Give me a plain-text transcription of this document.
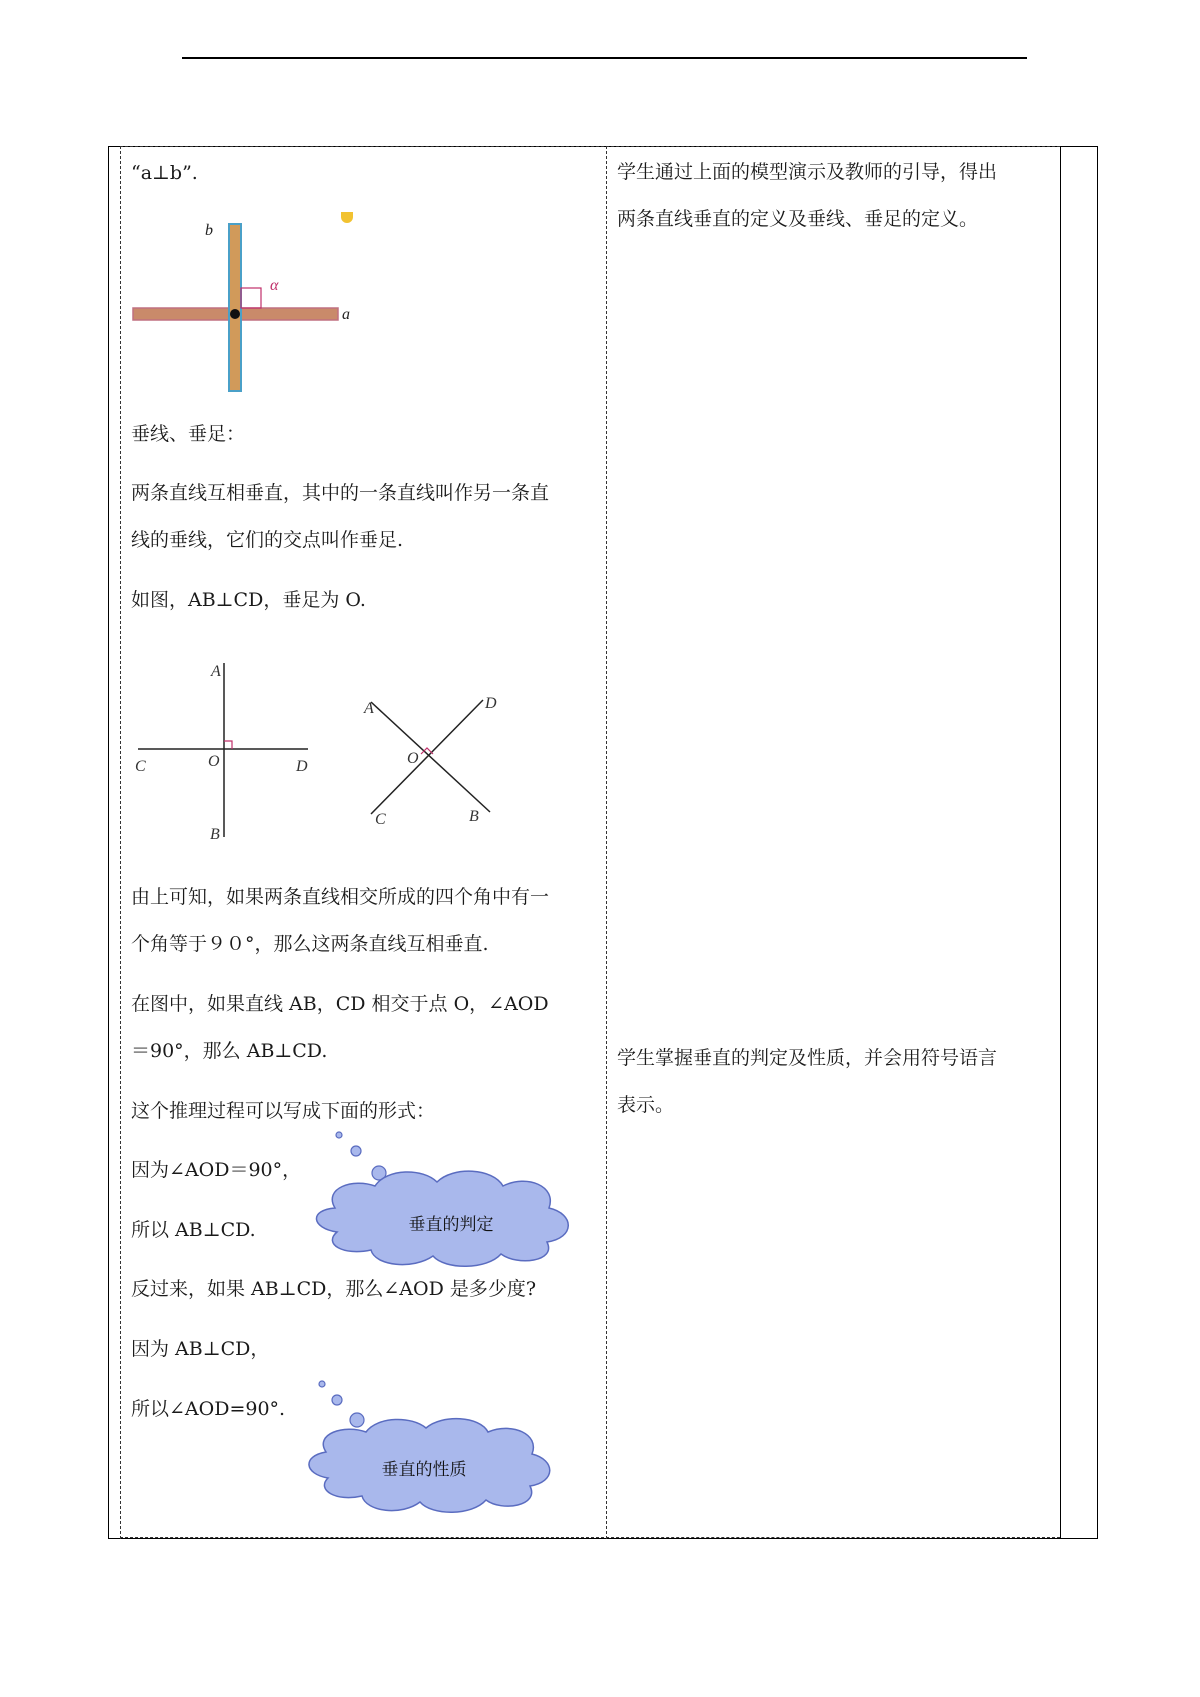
“a⊥b”.
b
α
a
垂线、垂足：
两条直线互相垂直，其中的一条直线叫作另一条直
线的垂线，它们的交点叫作垂足.
如图，AB⊥CD，垂足为 O.
A
C	O	D
B
A	D
O
C	B
由上可知，如果两条直线相交所成的四个角中有一
个角等于９０°，那么这两条直线互相垂直.
在图中，如果直线 AB，CD 相交于点 O，∠AOD
＝90°，那么 AB⊥CD.
这个推理过程可以写成下面的形式：
因为∠AOD＝90°，
所以 AB⊥CD.	垂直的判定
反过来，如果 AB⊥CD，那么∠AOD 是多少度?
因为 AB⊥CD，
所以∠AOD=90°.
垂直的性质
学生通过上面的模型演示及教师的引导，得出
两条直线垂直的定义及垂线、垂足的定义。
学生掌握垂直的判定及性质，并会用符号语言
表示。
